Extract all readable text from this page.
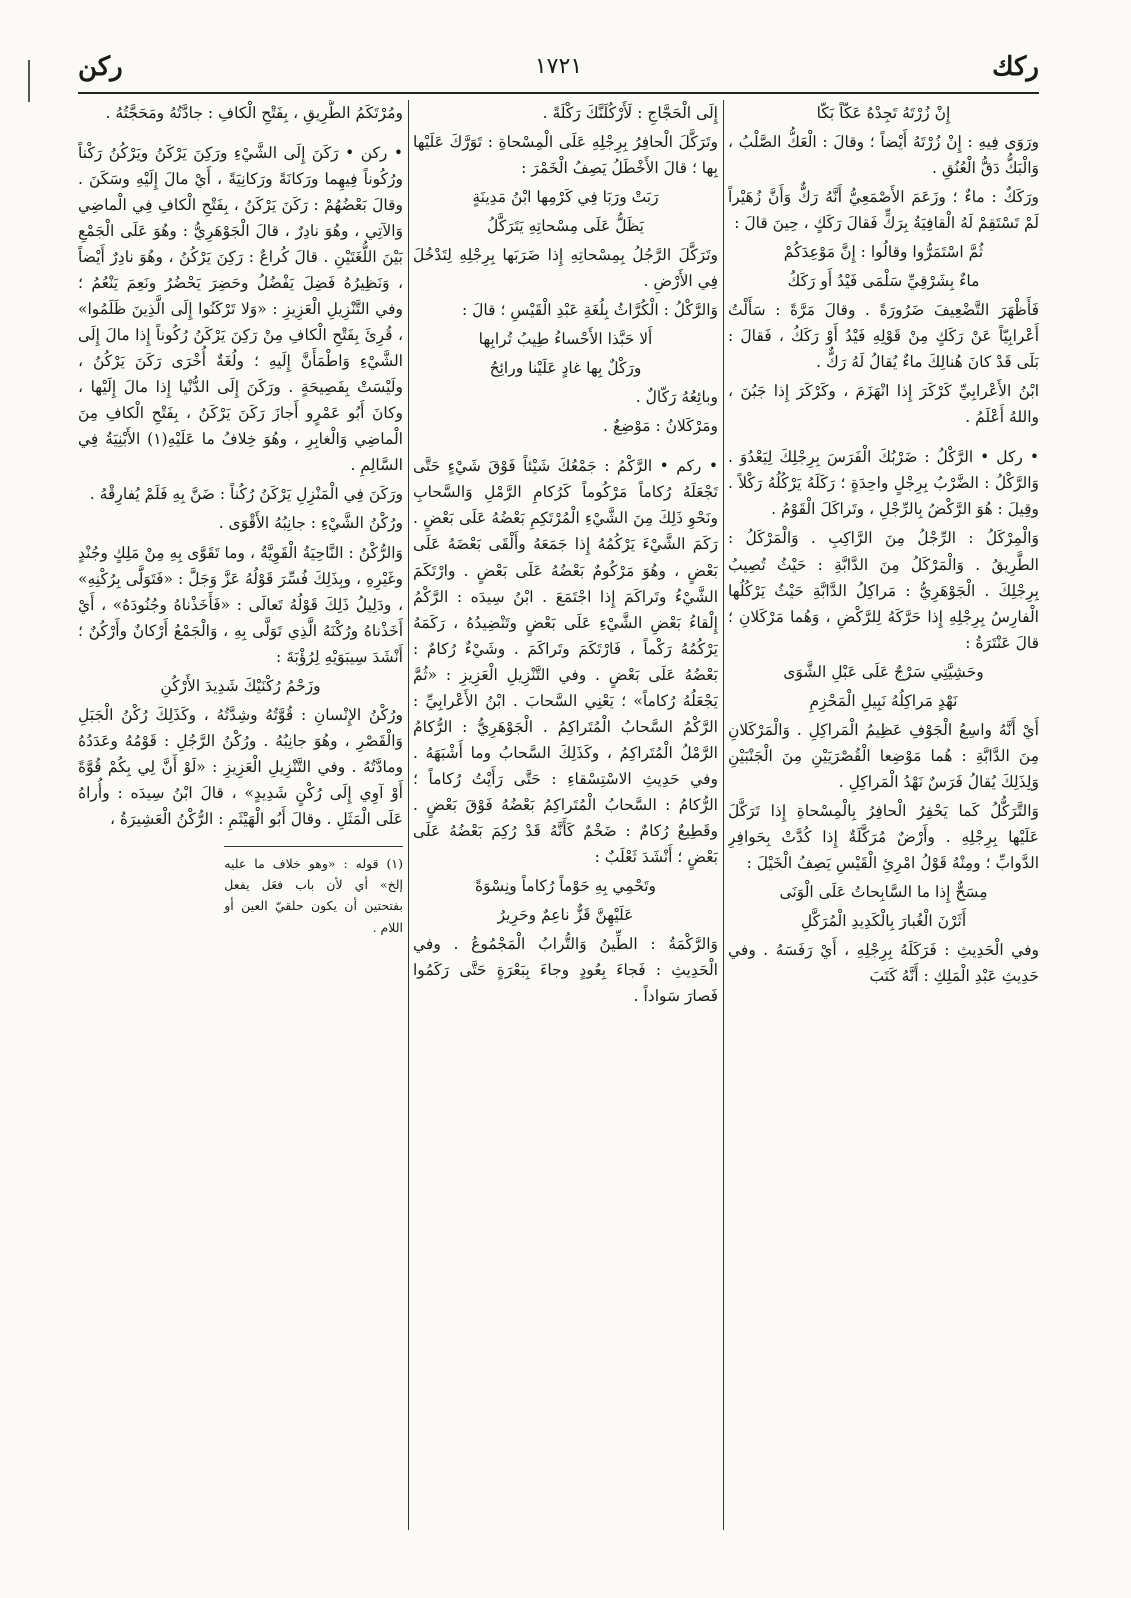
ركك
١٧٢١
ركن

إِنْ زُرْتَهُ تَجِدْهُ عَكّاً بَكّا

ورَوَى فِيهِ : إِنْ زُرْتَهُ أَيْضاً ؛ وقالَ : الْعَكُّ الصَّلْبُ ، وَالْبَكُّ دَقُّ الْعُنُقِ .

ورَكَكٌ : ماءٌ ؛ وزَعَمَ الأَصْمَعِيُّ أَنَّهُ رَكٌّ وَأَنَّ زُهَيْراً لَمْ تَسْتَقِمْ لَهُ الْقافِيَةُ بِرَكٍّ فَقالَ رَكَكٍ ، حِينَ قالَ :

ثُمَّ اسْتَمَرُّوا وقالُوا : إِنَّ مَوْعِدَكُمْ

ماءٌ بِشَرْقِيِّ سَلْمَى فَيْدُ أَو رَكَكُ

فَأَظْهَرَ التَّضْعِيفَ ضَرُورَةً . وقالَ مَرَّةً : سَأَلْتُ أَعْرابِيّاً عَنْ رَكَكٍ مِنْ قَوْلِهِ فَيْدُ أَوْ رَكَكُ ، فَقالَ : بَلَى قَدْ كانَ هُنالِكَ ماءٌ يُقالُ لَهُ رَكٌّ .

ابْنُ الأَعْرابِيِّ كَرْكَرَ إِذا انْهَزَمَ ، وكَرْكَرَ إِذا جَبُنَ ، واللهُ أَعْلَمُ .

• ركل • الرَّكْلُ : ضَرْبُكَ الْفَرَسَ بِرِجْلِكَ لِيَعْدُوَ . وَالرَّكْلُ : الضَّرْبُ بِرِجْلٍ واحِدَةٍ ؛ رَكَلَهُ يَرْكُلُهُ رَكْلاً . وقِيلَ : هُوَ الرَّكْضُ بِالرِّجْلِ ، وتَراكَلَ الْقَوْمُ .

وَالْمِرْكَلُ : الرِّجْلُ مِنَ الرَّاكِبِ . وَالْمَرْكَلُ : الطَّرِيقُ . وَالْمَرْكَلُ مِنَ الدَّابَّةِ : حَيْثُ تُصِيبُ بِرِجْلِكَ . الْجَوْهَرِيُّ : مَراكِلُ الدَّابَّةِ حَيْثُ يَرْكُلُها الْفارِسُ بِرِجْلِهِ إِذا حَرَّكَهُ لِلرَّكْضِ ، وَهُما مَرْكَلانِ ؛ قالَ عَنْتَرَةُ :

وحَشِيَّتِي سَرْجٌ عَلَى عَبْلِ الشَّوَى

نَهْدٍ مَراكِلُهُ نَبِيلِ الْمَحْزِمِ

أَيْ أَنَّهُ واسِعُ الْجَوْفِ عَظِيمُ الْمَراكِلِ . وَالْمَرْكَلانِ مِنَ الدَّابَّةِ : هُما مَوْضِعا الْقُصْرَيَيْنِ مِنَ الْجَنْبَيْنِ وَلِذَلِكَ يُقالُ فَرَسٌ نَهْدُ الْمَراكِلِ .

وَالتَّرَكُّلُ كَما يَحْفِرُ الْحافِرُ بِالْمِسْحاةِ إِذا تَرَكَّلَ عَلَيْها بِرِجْلِهِ . وأَرْضٌ مُرَكَّلَةٌ إِذا كُدَّتْ بِحَوافِرِ الدَّوابِّ ؛ ومِنْهُ قَوْلُ امْرِئِ الْقَيْسِ يَصِفُ الْخَيْلَ :

مِسَحٌّ إِذا ما السَّابِحاتُ عَلَى الْوَنَى

أَثَرْنَ الْغُبارَ بِالْكَدِيدِ الْمُرَكَّلِ

وفي الْحَدِيثِ : فَرَكَلَهُ بِرِجْلِهِ ، أَيْ رَفَسَهُ . وفي حَدِيثِ عَبْدِ الْمَلِكِ : أَنَّهُ كَتَبَ

إِلَى الْحَجَّاجِ : لَأَرْكُلَنَّكَ رَكْلَةً .

وتَرَكَّلَ الْحافِرُ بِرِجْلِهِ عَلَى الْمِسْحاةِ : تَوَرَّكَ عَلَيْها بِها ؛ قالَ الأَخْطَلُ يَصِفُ الْخَمْرَ :

رَبَتْ ورَبَا فِي كَرْمِها ابْنُ مَدِينَةٍ

يَظَلُّ عَلَى مِسْحاتِهِ يَتَرَكَّلُ

وتَرَكَّلَ الرَّجُلُ بِمِسْحاتِهِ إِذا ضَرَبَها بِرِجْلِهِ لِتَدْخُلَ فِي الأَرْضِ .

وَالرَّكْلُ : الْكُرَّاثُ بِلُغَةِ عَبْدِ الْقَيْسِ ؛ قالَ :

أَلا حَبَّذا الأَحْساءُ طِيبُ تُرابِها

ورَكْلٌ بِها غادٍ عَلَيْنا ورائِحُ

وبائِعُهُ رَكّالٌ .

ومَرْكَلانُ : مَوْضِعٌ .

• ركم • الرَّكْمُ : جَمْعُكَ شَيْئاً فَوْقَ شَيْءٍ حَتَّى تَجْعَلَهُ رُكاماً مَرْكُوماً كَرُكامِ الرَّمْلِ وَالسَّحابِ ونَحْوِ ذَلِكَ مِنَ الشَّيْءِ الْمُرْتَكِمِ بَعْضُهُ عَلَى بَعْضٍ . رَكَمَ الشَّيْءَ يَرْكُمُهُ إِذا جَمَعَهُ وأَلْقَى بَعْضَهُ عَلَى بَعْضٍ ، وهُوَ مَرْكُومٌ بَعْضُهُ عَلَى بَعْضٍ . وارْتَكَمَ الشَّيْءُ وتَراكَمَ إِذا اجْتَمَعَ . ابْنُ سِيدَه : الرَّكْمُ إِلْقاءُ بَعْضِ الشَّيْءِ عَلَى بَعْضٍ وتَنْضِيدُهُ ، رَكَمَهُ يَرْكُمُهُ رَكْماً ، فَارْتَكَمَ وتَراكَمَ . وشَيْءٌ رُكامٌ : بَعْضُهُ عَلَى بَعْضٍ . وفي التَّنْزِيلِ الْعَزِيزِ : «ثُمَّ يَجْعَلُهُ رُكاماً» ؛ يَعْنِي السَّحابَ . ابْنُ الأَعْرابِيِّ : الرَّكْمُ السَّحابُ الْمُتَراكِمُ . الْجَوْهَرِيُّ : الرُّكامُ الرَّمْلُ الْمُتَراكِمُ ، وكَذَلِكَ السَّحابُ وما أَشْبَهَهُ . وفي حَدِيثِ الاسْتِسْقاءِ : حَتَّى رَأَيْتُ رُكاماً ؛ الرُّكامُ : السَّحابُ الْمُتَراكِمُ بَعْضُهُ فَوْقَ بَعْضٍ . وقَطِيعٌ رُكامٌ : ضَخْمٌ كَأَنَّهُ قَدْ رُكِمَ بَعْضُهُ عَلَى بَعْضٍ ؛ أَنْشَدَ ثَعْلَبٌ :

وتَحْمِي بِهِ حَوْماً رُكاماً ونِسْوَةً

عَلَيْهِنَّ قَزٌّ ناعِمٌ وحَرِيرُ

وَالرَّكْمَةُ : الطِّينُ وَالتُّرابُ الْمَجْمُوعُ . وفي الْحَدِيثِ : فَجاءَ بِعُودٍ وجاءَ بِبَعْرَةٍ حَتَّى رَكَمُوا فَصارَ سَواداً .

ومُرْتَكَمُ الطَّرِيقِ ، بِفَتْحِ الْكافِ : جادَّتُهُ ومَحَجَّتُهُ .

• ركن • رَكَنَ إِلَى الشَّيْءِ ورَكِنَ يَرْكَنُ ويَرْكُنُ رَكْناً ورُكُوناً فِيهِما ورَكانَةً ورَكانِيَةً ، أَيْ مالَ إِلَيْهِ وسَكَنَ . وقالَ بَعْضُهُمْ : رَكَنَ يَرْكَنُ ، بِفَتْحِ الْكافِ فِي الْماضِي وَالآتِي ، وهُوَ نادِرٌ ، قالَ الْجَوْهَرِيُّ : وهُوَ عَلَى الْجَمْعِ بَيْنَ اللُّغَتَيْنِ . قالَ كُراعٌ : رَكِنَ يَرْكُنُ ، وهُوَ نادِرٌ أَيْضاً ، وَنَظِيرُهُ فَضِلَ يَفْضُلُ وحَضِرَ يَحْضُرُ ونَعِمَ يَنْعُمُ ؛ وفي التَّنْزِيلِ الْعَزِيزِ : «وَلا تَرْكَنُوا إِلَى الَّذِينَ ظَلَمُوا» ، قُرِئَ بِفَتْحِ الْكافِ مِنْ رَكِنَ يَرْكَنُ رُكُوناً إِذا مالَ إِلَى الشَّيْءِ وَاطْمَأَنَّ إِلَيهِ ؛ ولُغَةٌ أُخْرَى رَكَنَ يَرْكُنُ ، ولَيْسَتْ بِفَصِيحَةٍ . ورَكَنَ إِلَى الدُّنْيا إِذا مالَ إِلَيْها ، وكانَ أَبُو عَمْرٍو أَجازَ رَكَنَ يَرْكَنُ ، بِفَتْحِ الْكافِ مِنَ الْماضِي وَالْغابِرِ ، وهُوَ خِلافُ ما عَلَيْهِ(١) الأَبْنِيَةُ فِي السَّالِمِ .

ورَكَنَ فِي الْمَنْزِلِ يَرْكَنُ رُكُناً : ضَنَّ بِهِ فَلَمْ يُفارِقْهُ .

ورُكْنُ الشَّيْءِ : جانِبُهُ الأَقْوَى .

وَالرُّكْنُ : النَّاحِيَةُ الْقَوِيَّةُ ، وما تَقَوَّى بِهِ مِنْ مَلِكٍ وجُنْدٍ وغَيْرِهِ ، وبِذَلِكَ فُسِّرَ قَوْلُهُ عَزَّ وَجَلَّ : «فَتَوَلَّى بِرُكْنِهِ» ، ودَلِيلُ ذَلِكَ قَوْلُهُ تَعالَى : «فَأَخَذْناهُ وجُنُودَهُ» ، أَيْ أَخَذْناهُ ورُكْنَهُ الَّذِي تَوَلَّى بِهِ ، وَالْجَمْعُ أَرْكانٌ وأَرْكُنٌ ؛ أَنْشَدَ سِيبَوَيْهِ لِرُؤْبَةَ :

وزَحْمُ رُكْنَيْكَ شَدِيدَ الأَرْكُنِ

ورُكْنُ الإِنْسانِ : قُوَّتُهُ وشِدَّتُهُ ، وكَذَلِكَ رُكْنُ الْجَبَلِ وَالْقَصْرِ ، وهُوَ جانِبُهُ . ورُكْنُ الرَّجُلِ : قَوْمُهُ وعَدَدُهُ ومادَّتُهُ . وفي التَّنْزِيلِ الْعَزِيزِ : «لَوْ أَنَّ لِي بِكُمْ قُوَّةً أَوْ آوِي إِلَى رُكْنٍ شَدِيدٍ» ، قالَ ابْنُ سِيدَه : وأُراهُ عَلَى الْمَثَلِ . وقالَ أَبُو الْهَيْثَمِ : الرُّكْنُ الْعَشِيرَةُ ،

(١) قوله : «وهو خلاف ما عليه إلخ» أي لأن باب فعَل يفعل بفتحتين أن يكون حلقيّ العين أو اللام .
